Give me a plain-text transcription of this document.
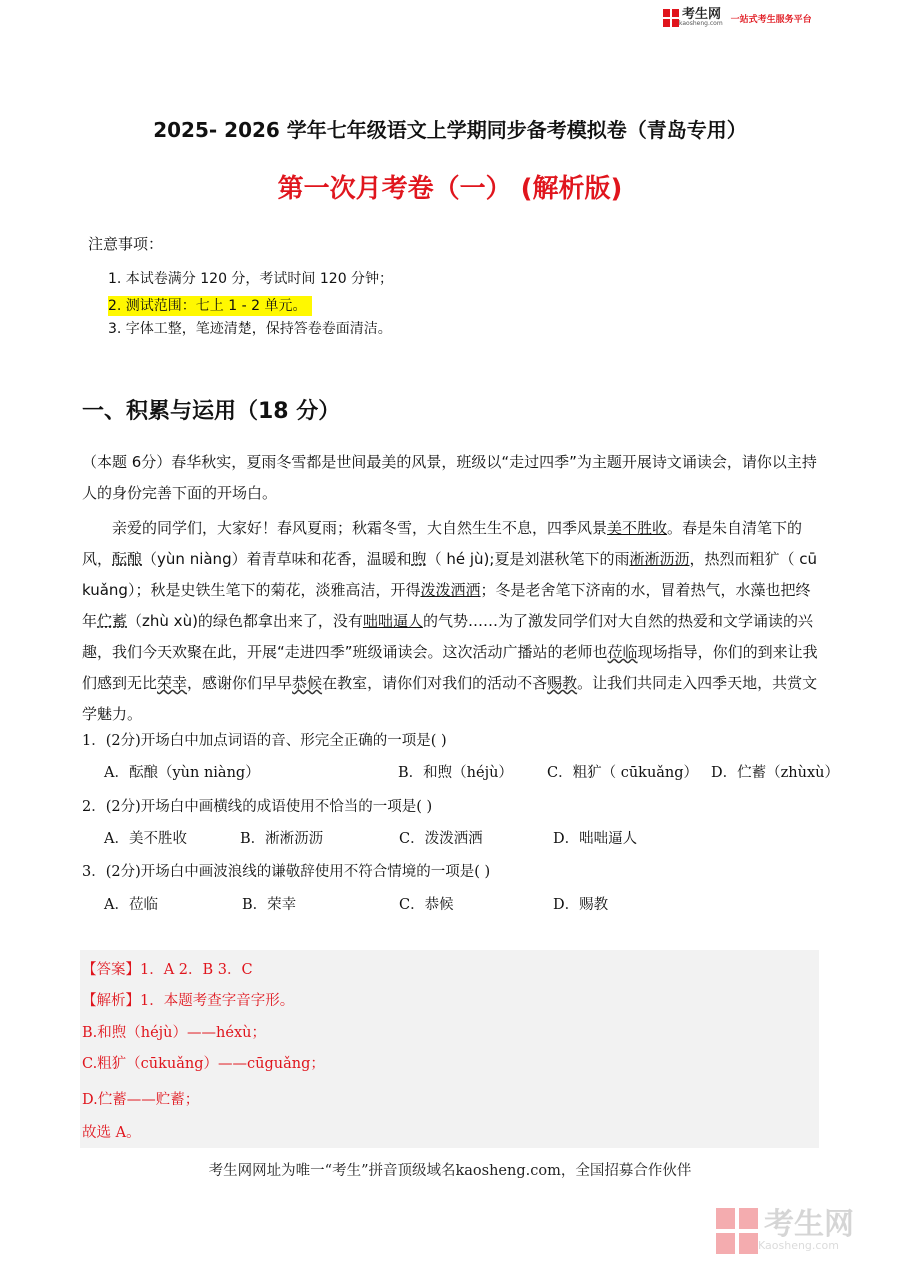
考生网
kaosheng.com 一站式考生服务平台
2025- 2026 学年七年级语文上学期同步备考模拟卷（青岛专用）
第一次月考卷（一） (解析版)
注意事项：
1. 本试卷满分 120 分，考试时间 120 分钟；
2. 测试范围：七上 1 - 2 单元。
3. 字体工整，笔迹清楚，保持答卷卷面清洁。
一、积累与运用（18 分）
（本题 6分）春华秋实，夏雨冬雪都是世间最美的风景，班级以“走过四季”为主题开展诗文诵读会，请你以主持人的身份完善下面的开场白。
亲爱的同学们，大家好！春风夏雨；秋霜冬雪，大自然生生不息，四季风景美不胜收。春是朱自清笔下的风，酝酿（yùn niàng）着青草味和花香，温暖和煦（ hé jù);夏是刘湛秋笔下的雨淅淅沥沥，热烈而粗犷（ cū kuǎng）；秋是史铁生笔下的菊花，淡雅高洁，开得泼泼洒洒；冬是老舍笔下济南的水，冒着热气，水藻也把终年伫蓄（zhù xù)的绿色都拿出来了，没有咄咄逼人的气势……为了激发同学们对大自然的热爱和文学诵读的兴趣，我们今天欢聚在此，开展“走进四季”班级诵读会。这次活动广播站的老师也莅临现场指导，你们的到来让我们感到无比荣幸，感谢你们早早恭候在教室，请你们对我们的活动不吝赐教。让我们共同走入四季天地，共赏文学魅力。
1．(2分)开场白中加点词语的音、形完全正确的一项是( )
A．酝酿（yùn niàng）	B．和煦（héjù） C．粗犷（ cūkuǎng） D．伫蓄（zhùxù）
2．(2分)开场白中画横线的成语使用不恰当的一项是( )
A．美不胜收	B．淅淅沥沥	C．泼泼洒洒	D．咄咄逼人
3．(2分)开场白中画波浪线的谦敬辞使用不符合情境的一项是( )
A．莅临	B．荣幸	C．恭候	D．赐教
【答案】1．A 2．B 3．C
【解析】1．本题考查字音字形。
B.和煦（héjù）——héxù；
C.粗犷（cūkuǎng）——cūguǎng；
D.伫蓄——贮蓄；
故选 A。
考生网网址为唯一“考生”拼音顶级域名kaosheng.com，全国招募合作伙伴
考生网
Kaosheng.com
